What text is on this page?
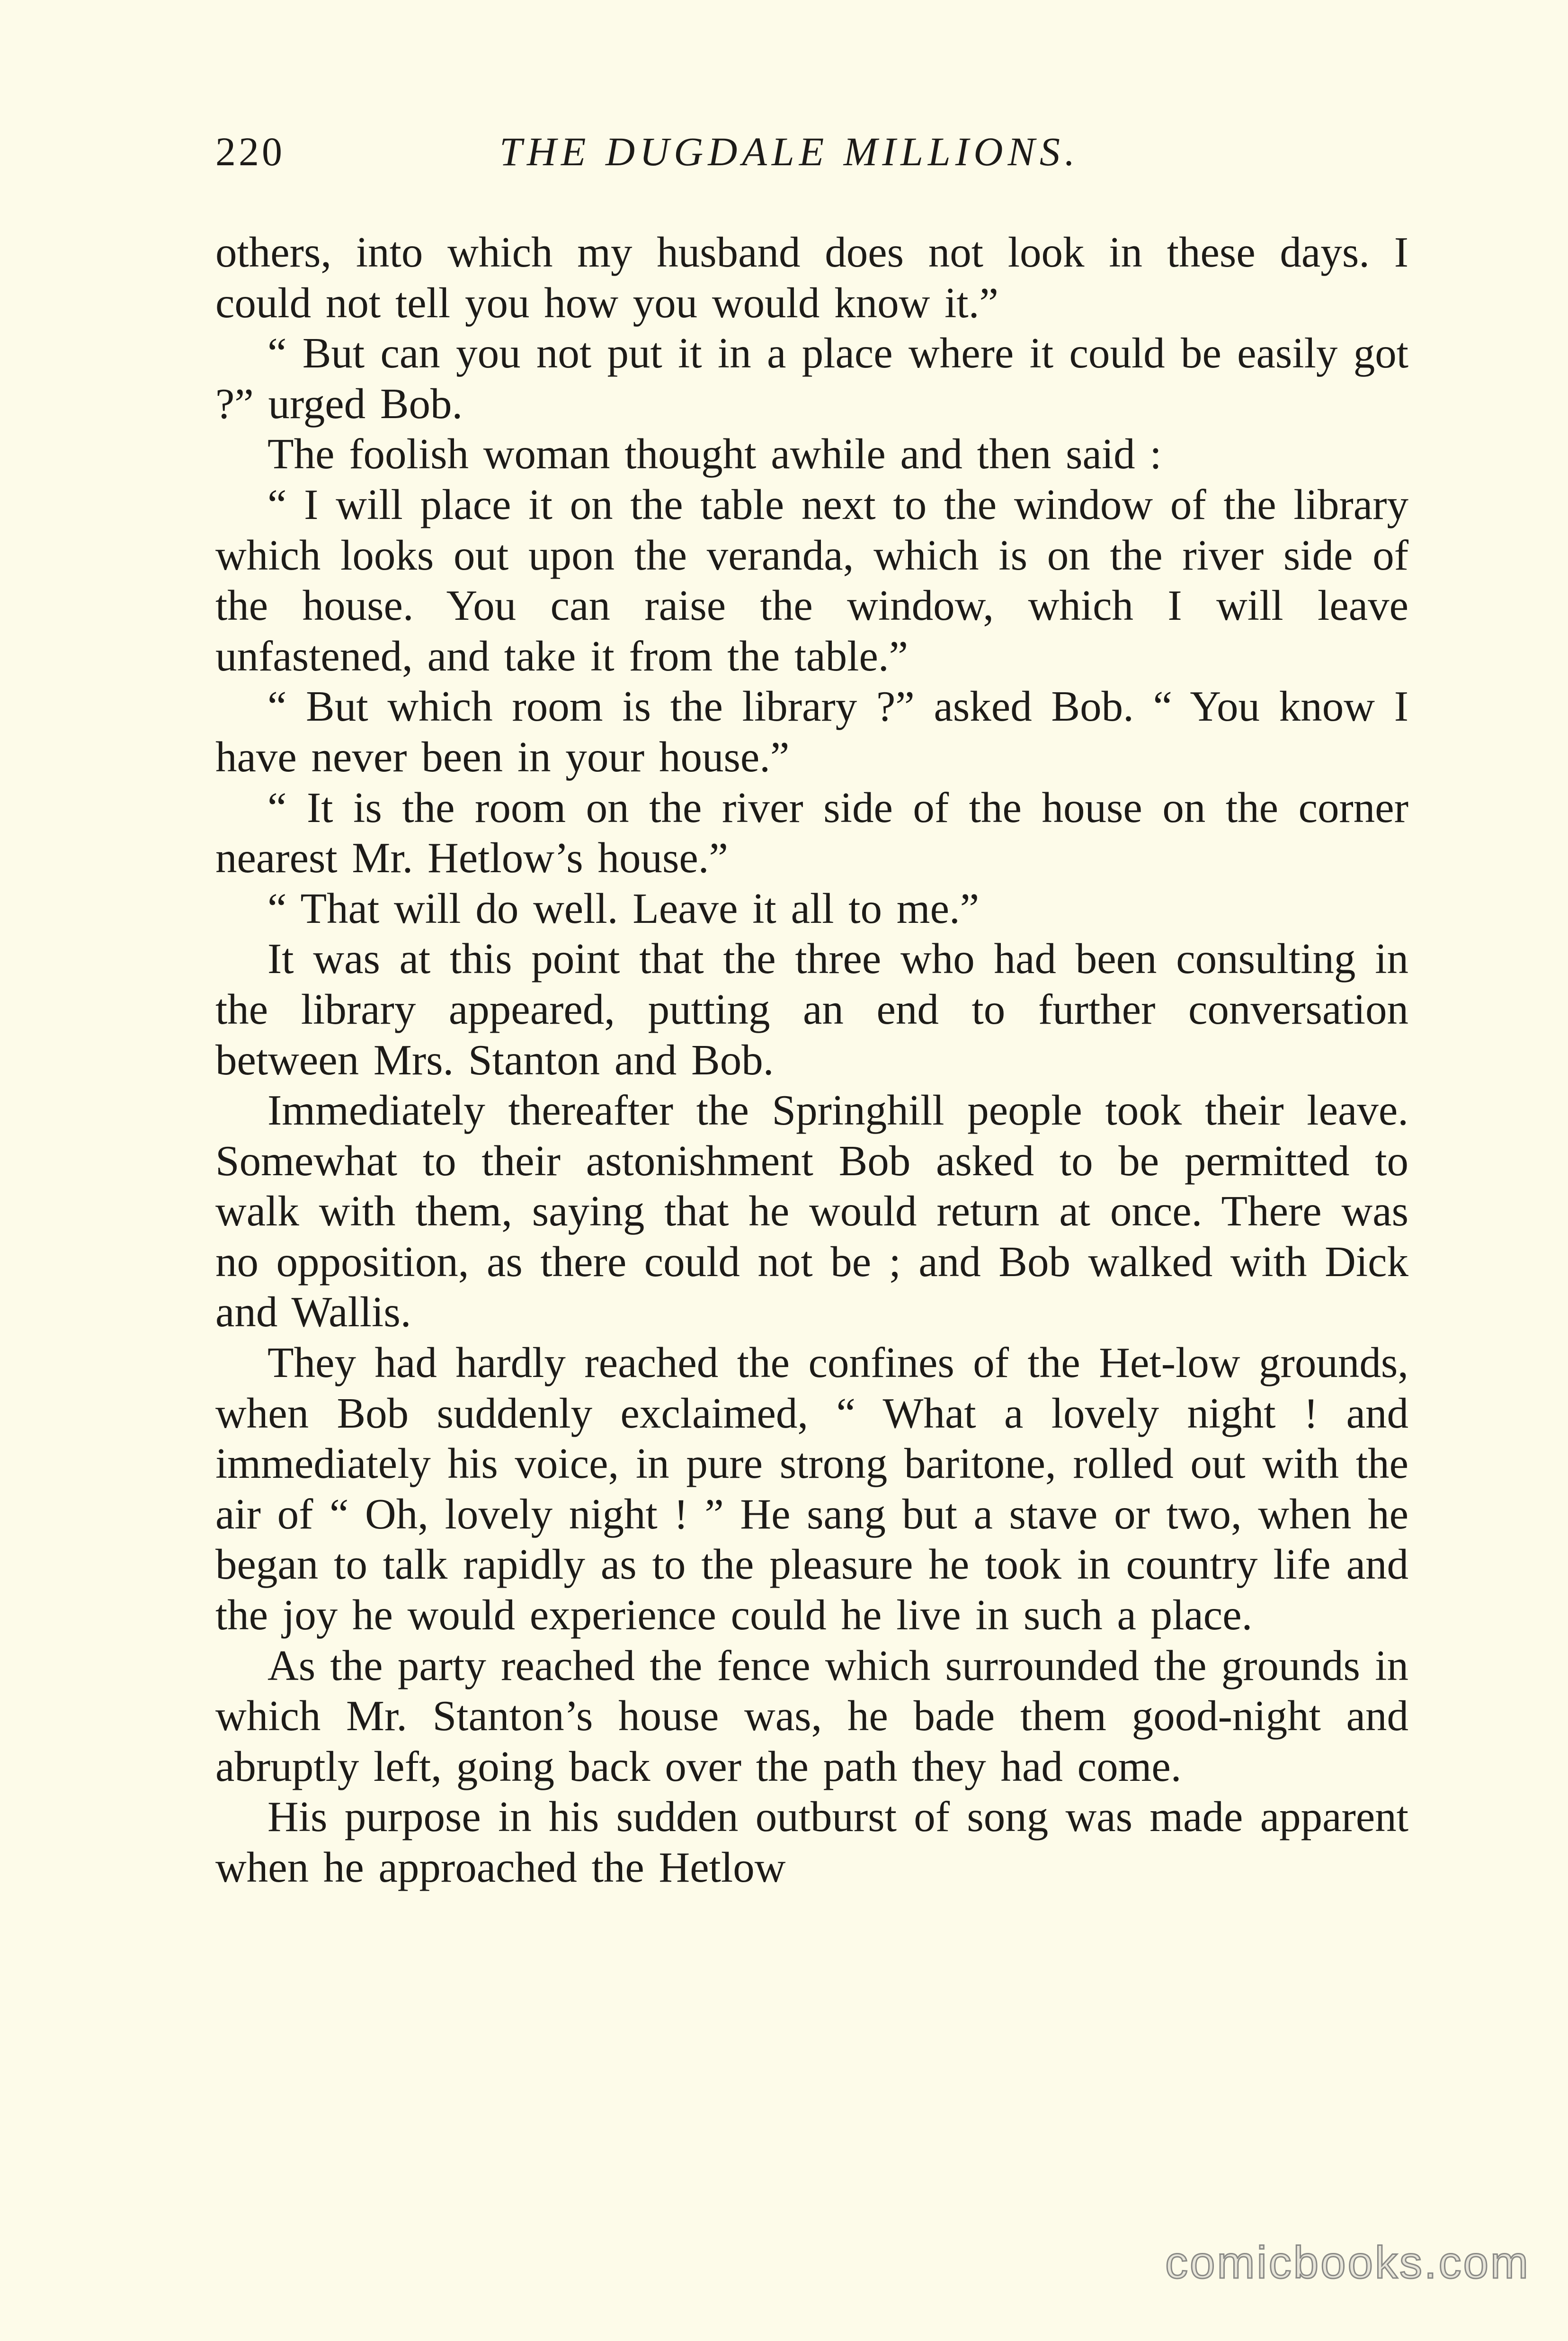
220	THE DUGDALE MILLIONS.

others, into which my husband does not look in these days. I could not tell you how you would know it.”

“ But can you not put it in a place where it could be easily got ?” urged Bob.

The foolish woman thought awhile and then said :

“ I will place it on the table next to the window of the library which looks out upon the veranda, which is on the river side of the house. You can raise the window, which I will leave unfastened, and take it from the table.”

“ But which room is the library ?” asked Bob. “ You know I have never been in your house.”

“ It is the room on the river side of the house on the corner nearest Mr. Hetlow’s house.”

“ That will do well. Leave it all to me.”

It was at this point that the three who had been consulting in the library appeared, putting an end to further conversation between Mrs. Stanton and Bob.

Immediately thereafter the Springhill people took their leave. Somewhat to their astonishment Bob asked to be permitted to walk with them, saying that he would return at once. There was no opposition, as there could not be ; and Bob walked with Dick and Wallis.

They had hardly reached the confines of the Het-low grounds, when Bob suddenly exclaimed, “ What a lovely night ! and immediately his voice, in pure strong baritone, rolled out with the air of “ Oh, lovely night ! ” He sang but a stave or two, when he began to talk rapidly as to the pleasure he took in country life and the joy he would experience could he live in such a place.

As the party reached the fence which surrounded the grounds in which Mr. Stanton’s house was, he bade them good-night and abruptly left, going back over the path they had come.

His purpose in his sudden outburst of song was made apparent when he approached the Hetlow

comicbooks.com
